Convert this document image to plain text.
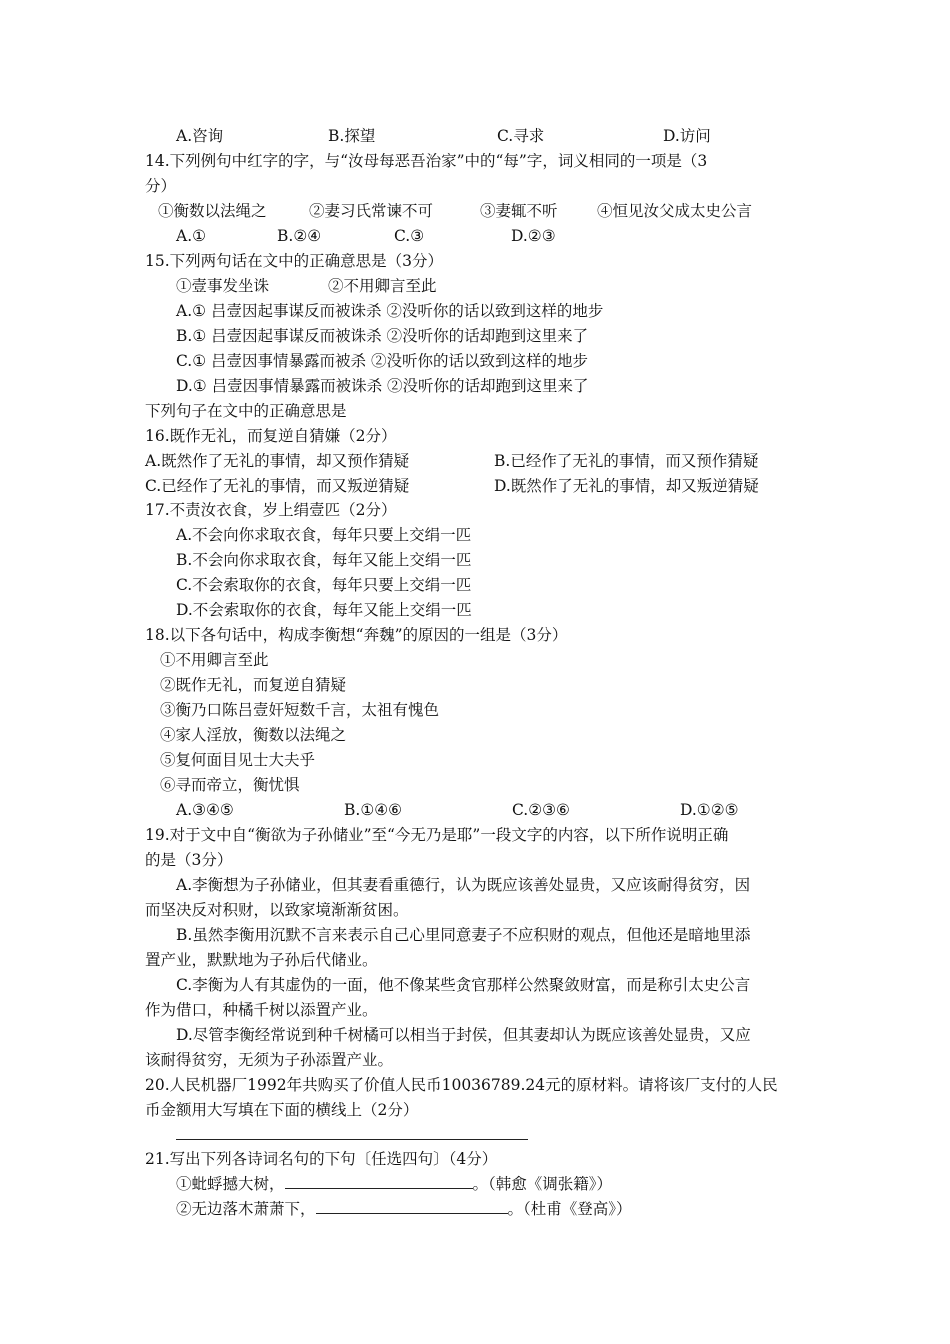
A.咨询	B.探望	C.寻求	D.访问
14.下列例句中红字的字，与“汝母每恶吾治家”中的“每”字，词义相同的一项是（3
分）
①衡数以法绳之	②妻习氏常谏不可	③妻辄不听	④恒见汝父成太史公言
A.①	B.②④	C.③	D.②③
15.下列两句话在文中的正确意思是（3分）
①壹事发坐诛	②不用卿言至此
A.① 吕壹因起事谋反而被诛杀 ②没听你的话以致到这样的地步
B.① 吕壹因起事谋反而被诛杀 ②没听你的话却跑到这里来了
C.① 吕壹因事情暴露而被杀 ②没听你的话以致到这样的地步
D.① 吕壹因事情暴露而被诛杀 ②没听你的话却跑到这里来了
下列句子在文中的正确意思是
16.既作无礼，而复逆自猜嫌（2分）
A.既然作了无礼的事情，却又预作猜疑	B.已经作了无礼的事情，而又预作猜疑
C.已经作了无礼的事情，而又叛逆猜疑	D.既然作了无礼的事情，却又叛逆猜疑
17.不责汝衣食，岁上绢壹匹（2分）
A.不会向你求取衣食，每年只要上交绢一匹
B.不会向你求取衣食，每年又能上交绢一匹
C.不会索取你的衣食，每年只要上交绢一匹
D.不会索取你的衣食，每年又能上交绢一匹
18.以下各句话中，构成李衡想“奔魏”的原因的一组是（3分）
①不用卿言至此
②既作无礼，而复逆自猜疑
③衡乃口陈吕壹奸短数千言，太祖有愧色
④家人淫放，衡数以法绳之
⑤复何面目见士大夫乎
⑥寻而帝立，衡忧惧
A.③④⑤	B.①④⑥	C.②③⑥	D.①②⑤
19.对于文中自“衡欲为子孙储业”至“今无乃是耶”一段文字的内容，以下所作说明正确
的是（3分）
A.李衡想为子孙储业，但其妻看重德行，认为既应该善处显贵，又应该耐得贫穷，因
而坚决反对积财，以致家境渐渐贫困。
B.虽然李衡用沉默不言来表示自己心里同意妻子不应积财的观点，但他还是暗地里添
置产业，默默地为子孙后代储业。
C.李衡为人有其虚伪的一面，他不像某些贪官那样公然聚敛财富，而是称引太史公言
作为借口，种橘千树以添置产业。
D.尽管李衡经常说到种千树橘可以相当于封侯，但其妻却认为既应该善处显贵，又应
该耐得贫穷，无须为子孙添置产业。
20.人民机器厂1992年共购买了价值人民币10036789.24元的原材料。请将该厂支付的人民
币金额用大写填在下面的横线上（2分）
21.写出下列各诗词名句的下句〔任选四句〕（4分）
①蚍蜉撼大树，	。（韩愈《调张籍》）
②无边落木萧萧下，	。（杜甫《登高》）
